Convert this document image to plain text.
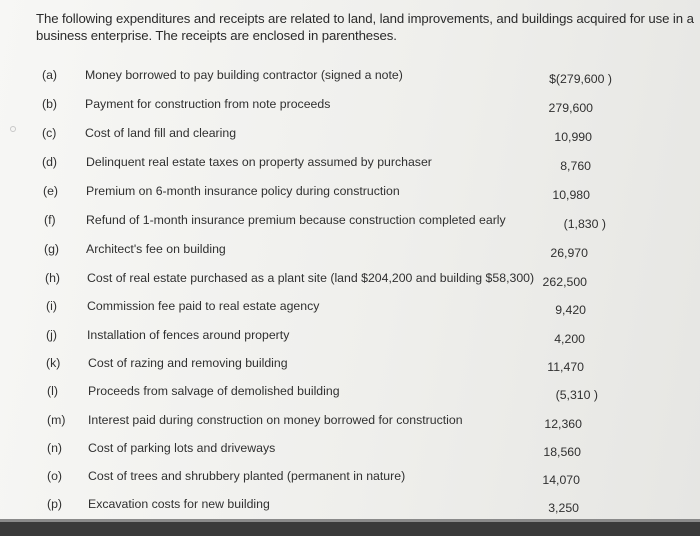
The following expenditures and receipts are related to land, land improvements, and buildings acquired for use in a business enterprise. The receipts are enclosed in parentheses.
(a) Money borrowed to pay building contractor (signed a note)	$(279,600 )
(b) Payment for construction from note proceeds	279,600
(c) Cost of land fill and clearing	10,990
(d) Delinquent real estate taxes on property assumed by purchaser	8,760
(e) Premium on 6-month insurance policy during construction	10,980
(f) Refund of 1-month insurance premium because construction completed early	(1,830 )
(g) Architect's fee on building	26,970
(h) Cost of real estate purchased as a plant site (land $204,200 and building $58,300) 262,500
(i) Commission fee paid to real estate agency	9,420
(j) Installation of fences around property	4,200
(k) Cost of razing and removing building	11,470
(l) Proceeds from salvage of demolished building	(5,310 )
(m) Interest paid during construction on money borrowed for construction	12,360
(n) Cost of parking lots and driveways	18,560
(o) Cost of trees and shrubbery planted (permanent in nature)	14,070
(p) Excavation costs for new building	3,250
